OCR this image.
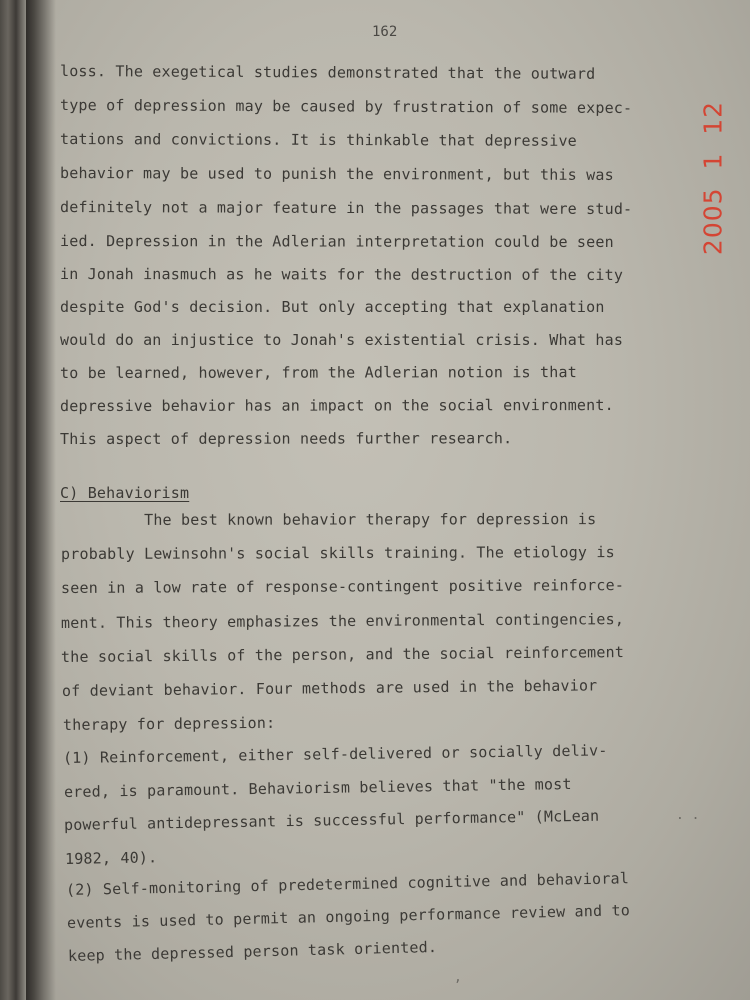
162
loss. The exegetical studies demonstrated that the outward
type of depression may be caused by frustration of some expec-
tations and convictions. It is thinkable that depressive
behavior may be used to punish the environment, but this was
definitely not a major feature in the passages that were stud-
ied. Depression in the Adlerian interpretation could be seen
in Jonah inasmuch as he waits for the destruction of the city
despite God's decision. But only accepting that explanation
would do an injustice to Jonah's existential crisis. What has
to be learned, however, from the Adlerian notion is that
depressive behavior has an impact on the social environment.
This aspect of depression needs further research.
C) Behaviorism
The best known behavior therapy for depression is
probably Lewinsohn's social skills training. The etiology is
seen in a low rate of response-contingent positive reinforce-
ment. This theory emphasizes the environmental contingencies,
the social skills of the person, and the social reinforcement
of deviant behavior. Four methods are used in the behavior
therapy for depression:
(1) Reinforcement, either self-delivered or socially deliv-
ered, is paramount. Behaviorism believes that "the most
powerful antidepressant is successful performance" (McLean
1982, 40).
(2) Self-monitoring of predetermined cognitive and behavioral
events is used to permit an ongoing performance review and to
keep the depressed person task oriented.
. .
,
2005  1  12
